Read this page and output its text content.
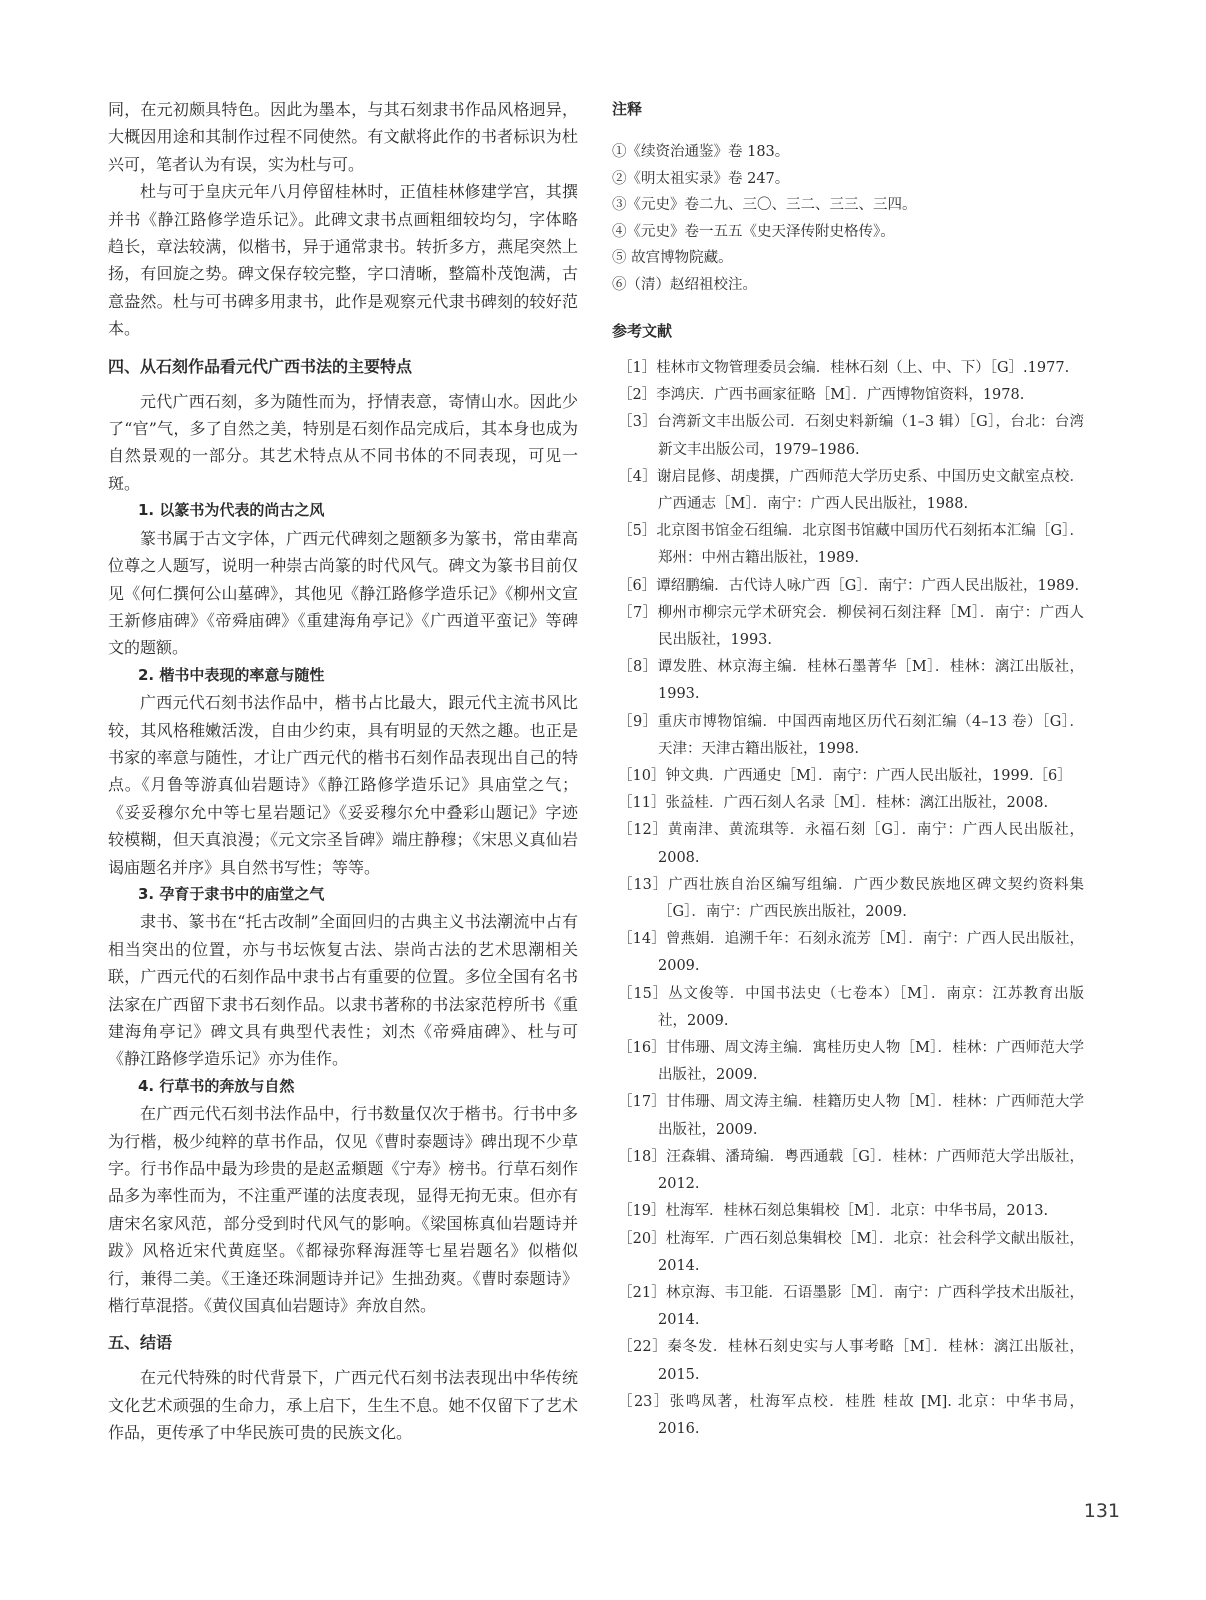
同，在元初颇具特色。因此为墨本，与其石刻隶书作品风格迥异，大概因用途和其制作过程不同使然。有文献将此作的书者标识为杜兴可，笔者认为有误，实为杜与可。

杜与可于皇庆元年八月停留桂林时，正值桂林修建学宫，其撰并书《静江路修学造乐记》。此碑文隶书点画粗细较均匀，字体略趋长，章法较满，似楷书，异于通常隶书。转折多方，燕尾突然上扬，有回旋之势。碑文保存较完整，字口清晰，整篇朴茂饱满，古意盎然。杜与可书碑多用隶书，此作是观察元代隶书碑刻的较好范本。

四、从石刻作品看元代广西书法的主要特点

元代广西石刻，多为随性而为，抒情表意，寄情山水。因此少了“官”气，多了自然之美，特别是石刻作品完成后，其本身也成为自然景观的一部分。其艺术特点从不同书体的不同表现，可见一斑。

1. 以篆书为代表的尚古之风

篆书属于古文字体，广西元代碑刻之题额多为篆书，常由辈高位尊之人题写，说明一种崇古尚篆的时代风气。碑文为篆书目前仅见《何仁撰何公山墓碑》，其他见《静江路修学造乐记》《柳州文宣王新修庙碑》《帝舜庙碑》《重建海角亭记》《广西道平蛮记》等碑文的题额。

2. 楷书中表现的率意与随性

广西元代石刻书法作品中，楷书占比最大，跟元代主流书风比较，其风格稚嫩活泼，自由少约束，具有明显的天然之趣。也正是书家的率意与随性，才让广西元代的楷书石刻作品表现出自己的特点。《月鲁等游真仙岩题诗》《静江路修学造乐记》具庙堂之气；《妥妥穆尔允中等七星岩题记》《妥妥穆尔允中叠彩山题记》字迹较模糊，但天真浪漫；《元文宗圣旨碑》端庄静穆；《宋思义真仙岩谒庙题名并序》具自然书写性；等等。

3. 孕育于隶书中的庙堂之气

隶书、篆书在“托古改制”全面回归的古典主义书法潮流中占有相当突出的位置，亦与书坛恢复古法、崇尚古法的艺术思潮相关联，广西元代的石刻作品中隶书占有重要的位置。多位全国有名书法家在广西留下隶书石刻作品。以隶书著称的书法家范梈所书《重建海角亭记》碑文具有典型代表性；刘杰《帝舜庙碑》、杜与可《静江路修学造乐记》亦为佳作。

4. 行草书的奔放与自然

在广西元代石刻书法作品中，行书数量仅次于楷书。行书中多为行楷，极少纯粹的草书作品，仅见《曹时泰题诗》碑出现不少草字。行书作品中最为珍贵的是赵孟頫题《宁寿》榜书。行草石刻作品多为率性而为，不注重严谨的法度表现，显得无拘无束。但亦有唐宋名家风范，部分受到时代风气的影响。《梁国栋真仙岩题诗并跋》风格近宋代黄庭坚。《都禄弥释海涯等七星岩题名》似楷似行，兼得二美。《王逢还珠洞题诗并记》生拙劲爽。《曹时泰题诗》楷行草混搭。《黄仪国真仙岩题诗》奔放自然。

五、结语

在元代特殊的时代背景下，广西元代石刻书法表现出中华传统文化艺术顽强的生命力，承上启下，生生不息。她不仅留下了艺术作品，更传承了中华民族可贵的民族文化。

注释
①《续资治通鉴》卷 183。
②《明太祖实录》卷 247。
③《元史》卷二九、三〇、三二、三三、三四。
④《元史》卷一五五《史天泽传附史格传》。
⑤ 故宫博物院藏。
⑥（清）赵绍祖校注。
参考文献
［1］桂林市文物管理委员会编．桂林石刻（上、中、下）［G］.1977.
［2］李鸿庆．广西书画家征略［M］．广西博物馆资料，1978.
［3］台湾新文丰出版公司．石刻史料新编（1–3 辑）［G］，台北：台湾新文丰出版公司，1979–1986.
［4］谢启昆修、胡虔撰，广西师范大学历史系、中国历史文献室点校．广西通志［M］．南宁：广西人民出版社，1988.
［5］北京图书馆金石组编．北京图书馆藏中国历代石刻拓本汇编［G］．郑州：中州古籍出版社，1989.
［6］谭绍鹏编．古代诗人咏广西［G］．南宁：广西人民出版社，1989.
［7］柳州市柳宗元学术研究会．柳侯祠石刻注释［M］．南宁：广西人民出版社，1993.
［8］谭发胜、林京海主编．桂林石墨菁华［M］．桂林：漓江出版社，1993.
［9］重庆市博物馆编．中国西南地区历代石刻汇编（4–13 卷）［G］．天津：天津古籍出版社，1998.
［10］钟文典．广西通史［M］．南宁：广西人民出版社，1999.［6］
［11］张益桂．广西石刻人名录［M］．桂林：漓江出版社，2008.
［12］黄南津、黄流琪等．永福石刻［G］．南宁：广西人民出版社，2008.
［13］广西壮族自治区编写组编．广西少数民族地区碑文契约资料集［G］．南宁：广西民族出版社，2009.
［14］曾燕娟．追溯千年：石刻永流芳［M］．南宁：广西人民出版社，2009.
［15］丛文俊等．中国书法史（七卷本）［M］．南京：江苏教育出版社，2009.
［16］甘伟珊、周文涛主编．寓桂历史人物［M］．桂林：广西师范大学出版社，2009.
［17］甘伟珊、周文涛主编．桂籍历史人物［M］．桂林：广西师范大学出版社，2009.
［18］汪森辑、潘琦编．粤西通载［G］．桂林：广西师范大学出版社，2012.
［19］杜海军．桂林石刻总集辑校［M］．北京：中华书局，2013.
［20］杜海军．广西石刻总集辑校［M］．北京：社会科学文献出版社，2014.
［21］林京海、韦卫能．石语墨影［M］．南宁：广西科学技术出版社，2014.
［22］秦冬发．桂林石刻史实与人事考略［M］．桂林：漓江出版社，2015.
［23］张鸣凤著，杜海军点校．桂胜 桂故 [M]. 北京：中华书局，2016.
131
